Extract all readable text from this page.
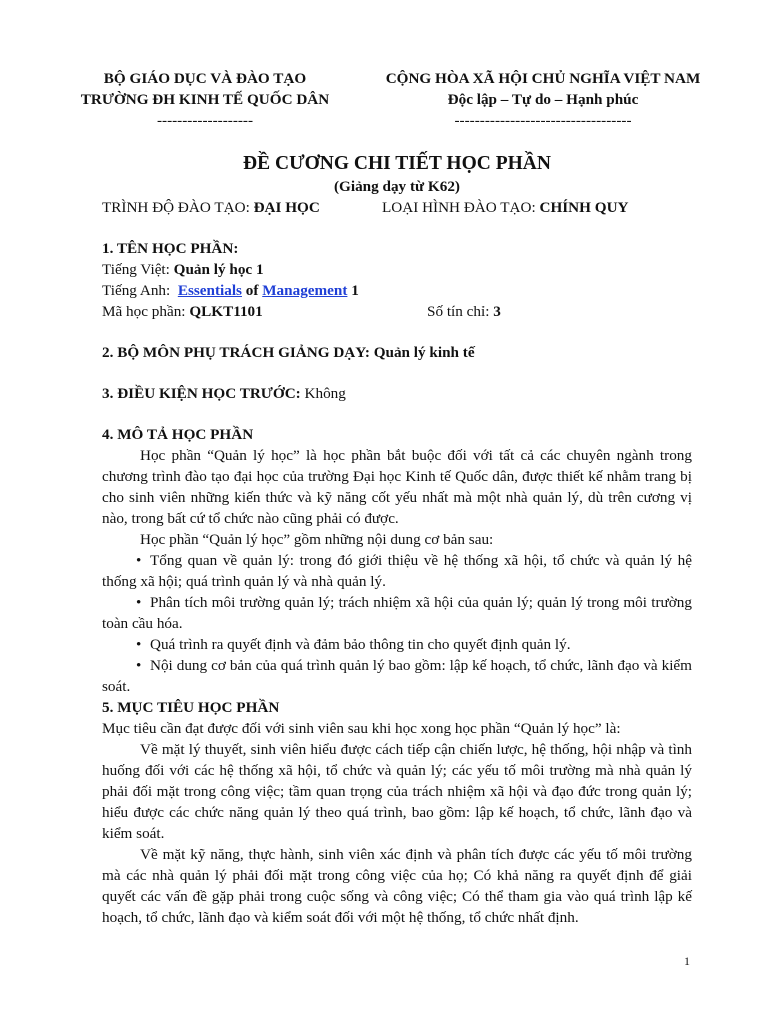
BỘ GIÁO DỤC VÀ ĐÀO TẠO
TRƯỜNG ĐH KINH TẾ QUỐC DÂN
-------------------
CỘNG HÒA XÃ HỘI CHỦ NGHĨA VIỆT NAM
Độc lập – Tự do – Hạnh phúc
-----------------------------------
ĐỀ CƯƠNG CHI TIẾT HỌC PHẦN
(Giảng dạy từ K62)
TRÌNH ĐỘ ĐÀO TẠO: ĐẠI HỌC	LOẠI HÌNH ĐÀO TẠO: CHÍNH QUY
1. TÊN HỌC PHẦN:
Tiếng Việt: Quản lý học 1
Tiếng Anh:  Essentials of Management 1
Mã học phần: QLKT1101	Số tín chỉ: 3
2. BỘ MÔN PHỤ TRÁCH GIẢNG DẠY: Quản lý kinh tế
3. ĐIỀU KIỆN HỌC TRƯỚC: Không
4. MÔ TẢ HỌC PHẦN

Học phần “Quản lý học” là học phần bắt buộc đối với tất cả các chuyên ngành trong chương trình đào tạo đại học của trường Đại học Kinh tế Quốc dân, được thiết kế nhằm trang bị cho sinh viên những kiến thức và kỹ năng cốt yếu nhất mà một nhà quản lý, dù trên cương vị nào, trong bất cứ tổ chức nào cũng phải có được.

Học phần “Quản lý học” gồm những nội dung cơ bản sau:

• Tổng quan về quản lý: trong đó giới thiệu về hệ thống xã hội, tổ chức và quản lý hệ thống xã hội; quá trình quản lý và nhà quản lý.

• Phân tích môi trường quản lý; trách nhiệm xã hội của quản lý; quản lý trong môi trường toàn cầu hóa.

• Quá trình ra quyết định và đảm bảo thông tin cho quyết định quản lý.

• Nội dung cơ bản của quá trình quản lý bao gồm: lập kế hoạch, tổ chức, lãnh đạo và kiểm soát.

5. MỤC TIÊU HỌC PHẦN

Mục tiêu cần đạt được đối với sinh viên sau khi học xong học phần “Quản lý học” là:

Về mặt lý thuyết, sinh viên hiểu được cách tiếp cận chiến lược, hệ thống, hội nhập và tình huống đối với các hệ thống xã hội, tổ chức và quản lý; các yếu tố môi trường mà nhà quản lý phải đối mặt trong công việc; tầm quan trọng của trách nhiệm xã hội và đạo đức trong quản lý; hiểu được các chức năng quản lý theo quá trình, bao gồm: lập kế hoạch, tổ chức, lãnh đạo và kiểm soát.

Về mặt kỹ năng, thực hành, sinh viên xác định và phân tích được các yếu tố môi trường mà các nhà quản lý phải đối mặt trong công việc của họ; Có khả năng ra quyết định để giải quyết các vấn đề gặp phải trong cuộc sống và công việc; Có thể tham gia vào quá trình lập kế hoạch, tổ chức, lãnh đạo và kiểm soát đối với một hệ thống, tổ chức nhất định.

1
